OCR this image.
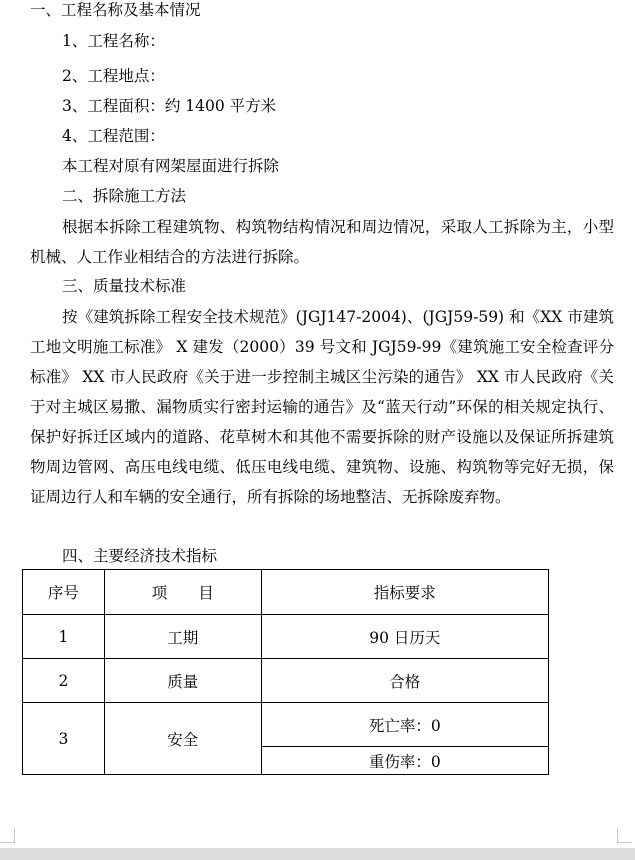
一、工程名称及基本情况
1、工程名称：
2、工程地点：
3、工程面积：约 1400 平方米
4、工程范围：
本工程对原有网架屋面进行拆除
二、拆除施工方法

根据本拆除工程建筑物、构筑物结构情况和周边情况，采取人工拆除为主，小型机械、人工作业相结合的方法进行拆除。

三、质量技术标准

按《建筑拆除工程安全技术规范》(JGJ147-2004)、(JGJ59-59) 和《XX 市建筑工地文明施工标准》 X 建发（2000）39 号文和 JGJ59-99《建筑施工安全检查评分标准》 XX 市人民政府《关于进一步控制主城区尘污染的通告》 XX 市人民政府《关于对主城区易撒、漏物质实行密封运输的通告》及“蓝天行动”环保的相关规定执行、保护好拆迁区域内的道路、花草树木和其他不需要拆除的财产设施以及保证所拆建筑物周边管网、高压电线电缆、低压电线电缆、建筑物、设施、构筑物等完好无损，保证周边行人和车辆的安全通行，所有拆除的场地整洁、无拆除废弃物。

四、主要经济技术指标
序号	项　　目	指标要求
1	工期	90 日历天
2	质量	合格
3	安全	死亡率：0
		重伤率：0
